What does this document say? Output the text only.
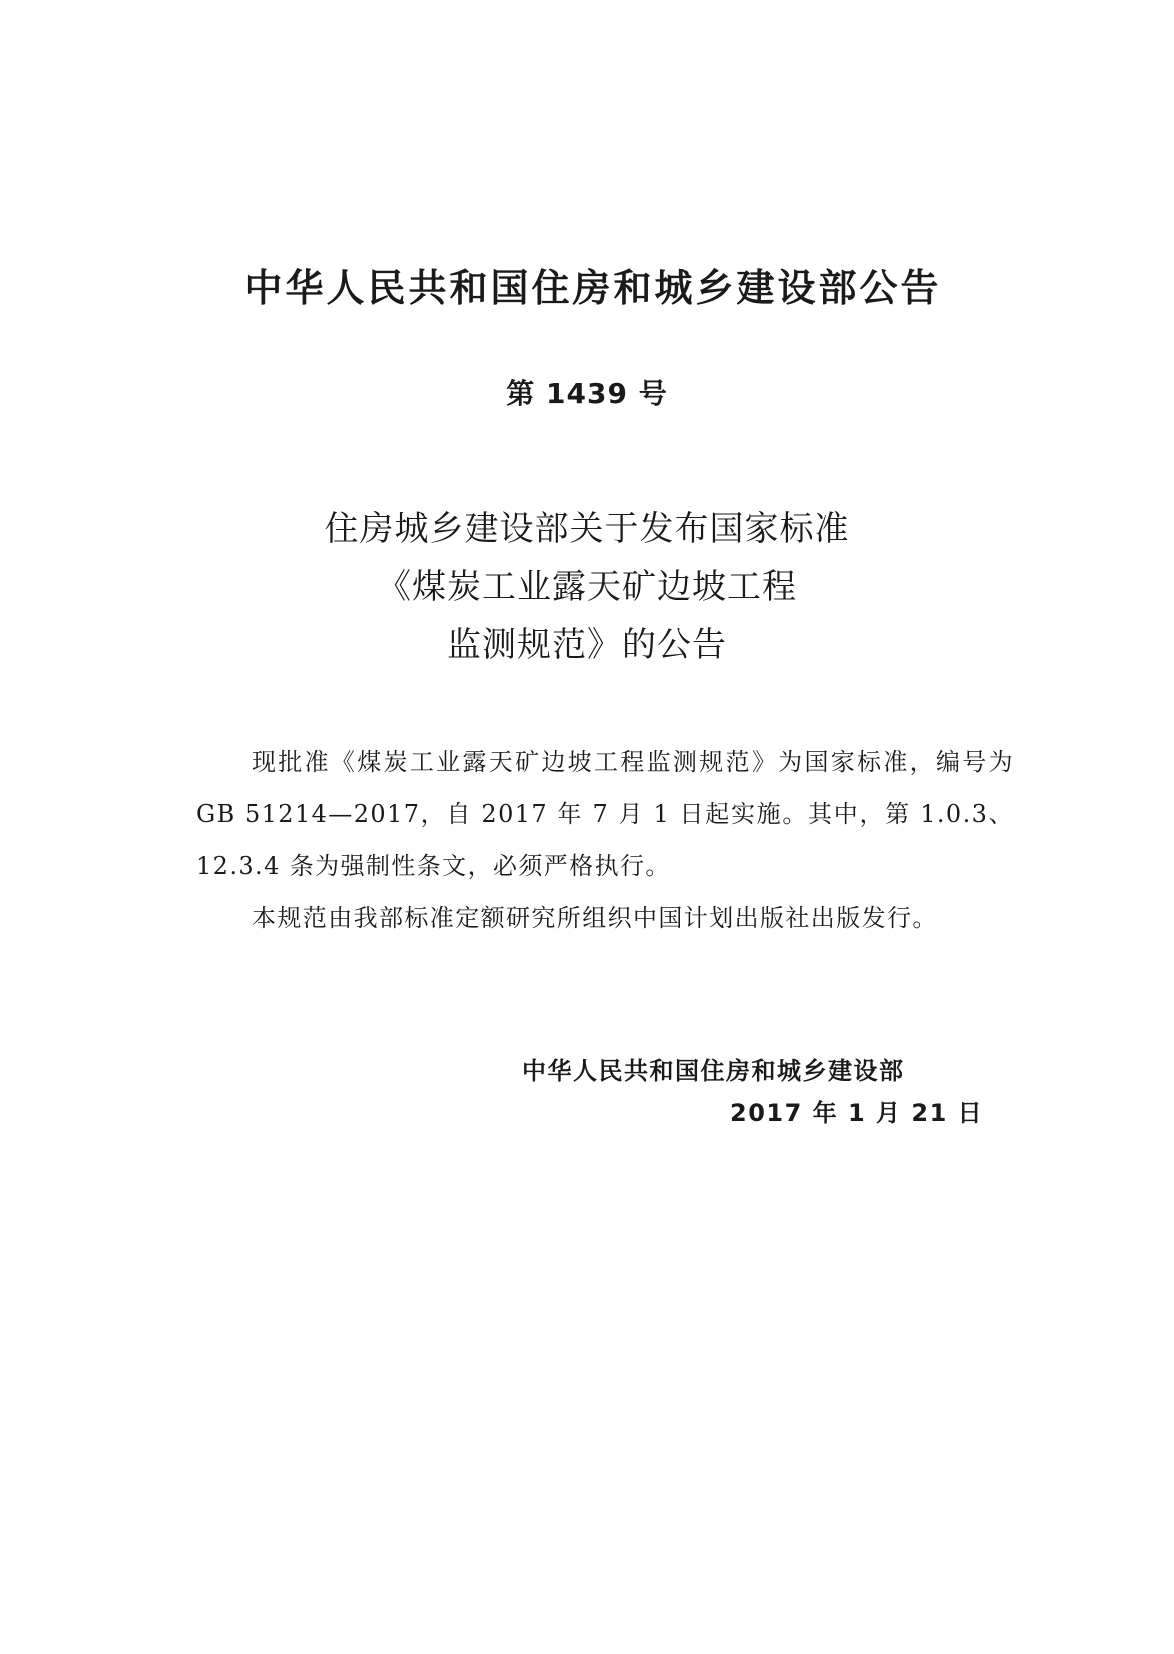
中华人民共和国住房和城乡建设部公告
第 1439 号
住房城乡建设部关于发布国家标准
《煤炭工业露天矿边坡工程
监测规范》的公告

现批准《煤炭工业露天矿边坡工程监测规范》为国家标准，编号为 GB 51214—2017，自 2017 年 7 月 1 日起实施。其中，第 1.0.3、12.3.4 条为强制性条文，必须严格执行。

本规范由我部标准定额研究所组织中国计划出版社出版发行。

中华人民共和国住房和城乡建设部
2017 年 1 月 21 日
